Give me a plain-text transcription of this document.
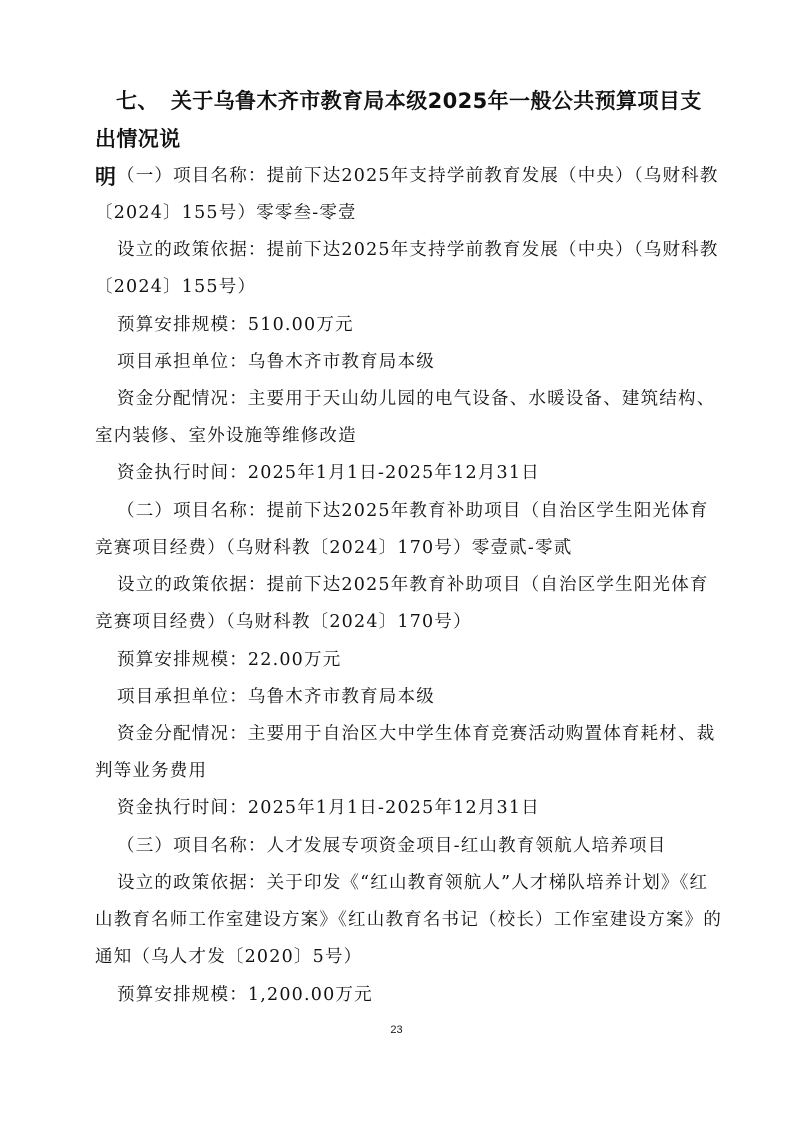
七、 关于乌鲁木齐市教育局本级2025年一般公共预算项目支出情况说
明 （一）项目名称：提前下达2025年支持学前教育发展（中央）（乌财科教
〔2024〕155号）零零叁-零壹
设立的政策依据：提前下达2025年支持学前教育发展（中央）（乌财科教
〔2024〕155号）
预算安排规模：510.00万元
项目承担单位：乌鲁木齐市教育局本级
资金分配情况：主要用于天山幼儿园的电气设备、水暖设备、建筑结构、
室内装修、室外设施等维修改造
资金执行时间：2025年1月1日-2025年12月31日
（二）项目名称：提前下达2025年教育补助项目（自治区学生阳光体育
竞赛项目经费）（乌财科教〔2024〕170号）零壹贰-零贰
设立的政策依据：提前下达2025年教育补助项目（自治区学生阳光体育
竞赛项目经费）（乌财科教〔2024〕170号）
预算安排规模：22.00万元
项目承担单位：乌鲁木齐市教育局本级
资金分配情况：主要用于自治区大中学生体育竞赛活动购置体育耗材、裁
判等业务费用
资金执行时间：2025年1月1日-2025年12月31日
（三）项目名称：人才发展专项资金项目-红山教育领航人培养项目
设立的政策依据：关于印发《“红山教育领航人”人才梯队培养计划》《红
山教育名师工作室建设方案》《红山教育名书记（校长）工作室建设方案》的
通知（乌人才发〔2020〕5号）
预算安排规模：1,200.00万元
23
